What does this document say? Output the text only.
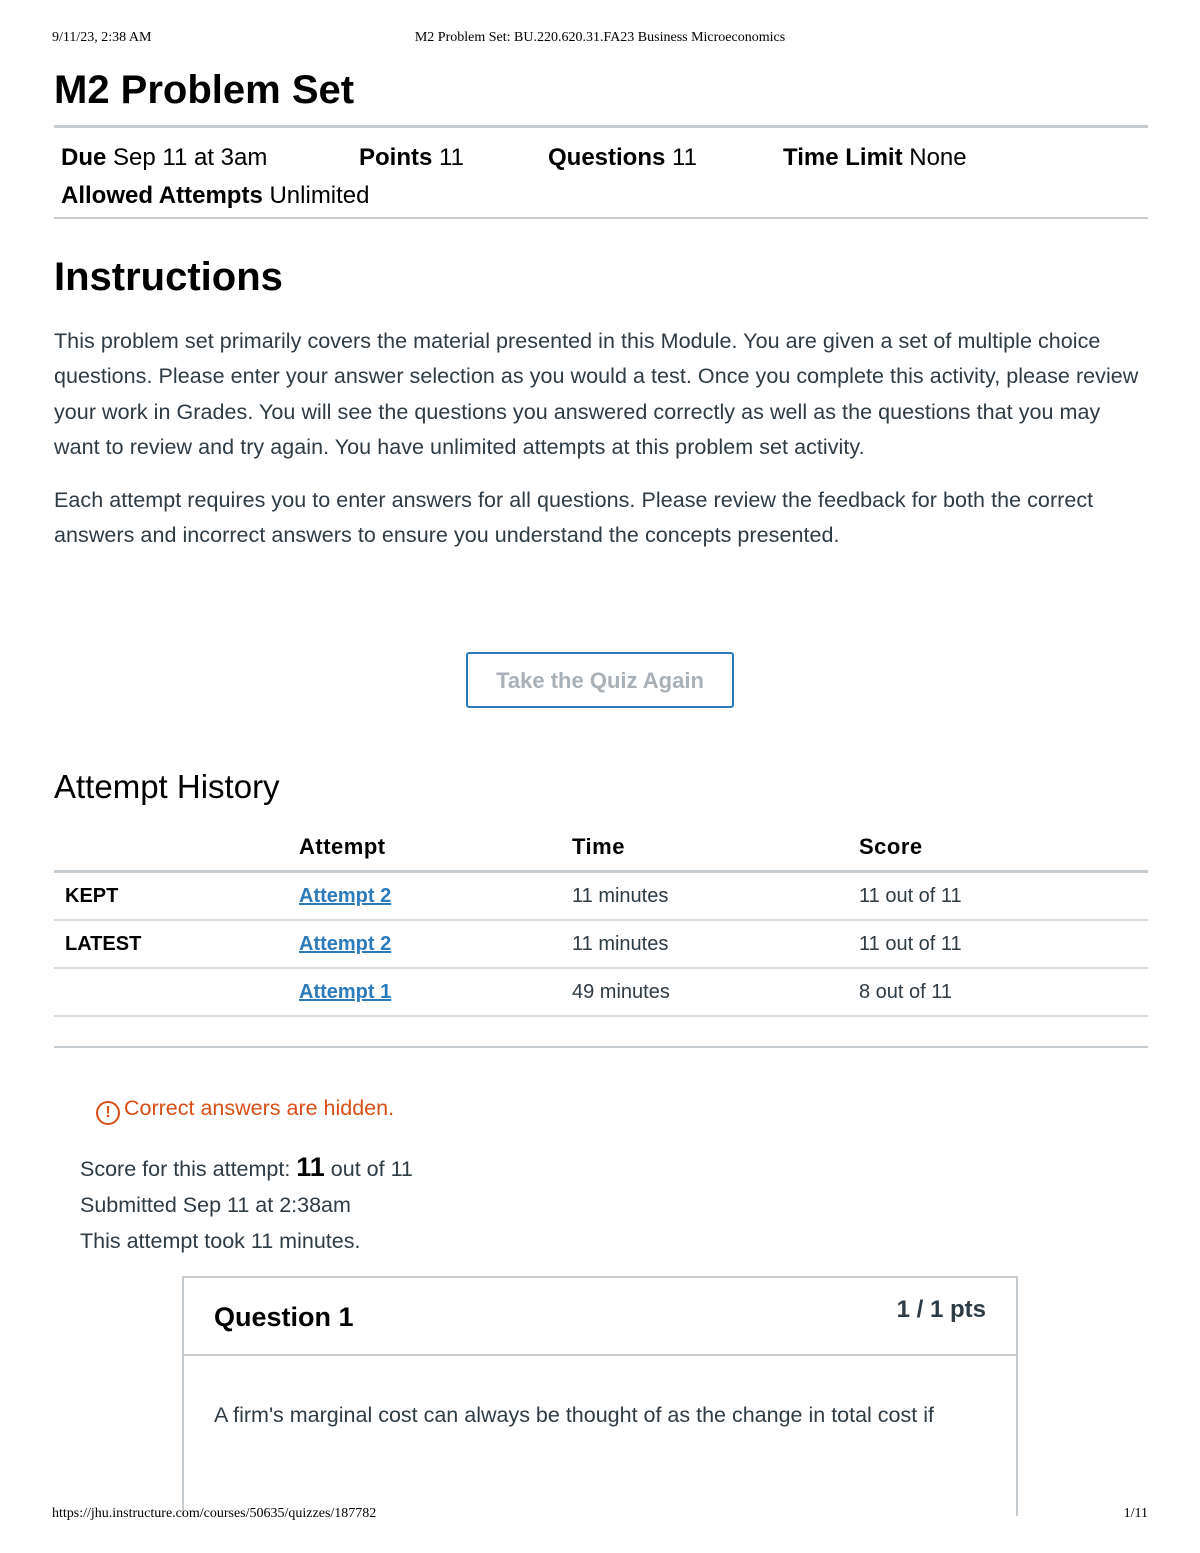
9/11/23, 2:38 AM	M2 Problem Set: BU.220.620.31.FA23 Business Microeconomics
M2 Problem Set
Due Sep 11 at 3am	Points 11	Questions 11	Time Limit None
Allowed Attempts Unlimited
Instructions

This problem set primarily covers the material presented in this Module. You are given a set of multiple choice questions. Please enter your answer selection as you would a test. Once you complete this activity, please review your work in Grades. You will see the questions you answered correctly as well as the questions that you may want to review and try again. You have unlimited attempts at this problem set activity.

Each attempt requires you to enter answers for all questions. Please review the feedback for both the correct answers and incorrect answers to ensure you understand the concepts presented.

Take the Quiz Again
Attempt History
	Attempt	Time	Score
KEPT	Attempt 2	11 minutes	11 out of 11
LATEST	Attempt 2	11 minutes	11 out of 11
	Attempt 1	49 minutes	8 out of 11
! Correct answers are hidden.
Score for this attempt: 11 out of 11
Submitted Sep 11 at 2:38am
This attempt took 11 minutes.
Question 1	1 / 1 pts
A firm's marginal cost can always be thought of as the change in total cost if
https://jhu.instructure.com/courses/50635/quizzes/187782	1/11
